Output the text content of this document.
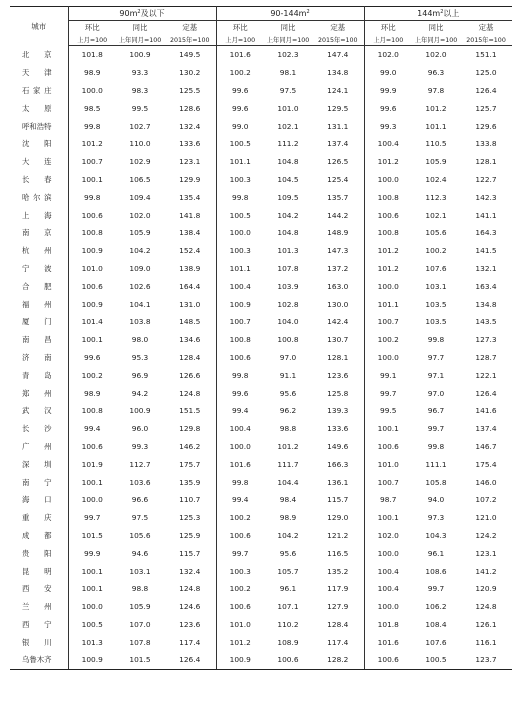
城市	$90m^2$及以下			$90-144m^2$			$144m^2$以上		
	环比	同比	定基	环比	同比	定基	环比	同比	定基
	上月=100	上年同月=100	2015年=100	上月=100	上年同月=100	2015年=100	上月=100	上年同月=100	2015年=100
北京	101.8	100.9	149.5	101.6	102.3	147.4	102.0	102.0	151.1
天津	98.9	93.3	130.2	100.2	98.1	134.8	99.0	96.3	125.0
石家庄	100.0	98.3	125.5	99.6	97.5	124.1	99.9	97.8	126.4
太原	98.5	99.5	128.6	99.6	101.0	129.5	99.6	101.2	125.7
呼和浩特	99.8	102.7	132.4	99.0	102.1	131.1	99.3	101.1	129.6
沈阳	101.2	110.0	133.6	100.5	111.2	137.4	100.4	110.5	133.8
大连	100.7	102.9	123.1	101.1	104.8	126.5	101.2	105.9	128.1
长春	100.1	106.5	129.9	100.3	104.5	125.4	100.0	102.4	122.7
哈尔滨	99.8	109.4	135.4	99.8	109.5	135.7	100.8	112.3	142.3
上海	100.6	102.0	141.8	100.5	104.2	144.2	100.6	102.1	141.1
南京	100.8	105.9	138.4	100.0	104.8	148.9	100.8	105.6	164.3
杭州	100.9	104.2	152.4	100.3	101.3	147.3	101.2	100.2	141.5
宁波	101.0	109.0	138.9	101.1	107.8	137.2	101.2	107.6	132.1
合肥	100.6	102.6	164.4	100.4	103.9	163.0	100.0	103.1	163.4
福州	100.9	104.1	131.0	100.9	102.8	130.0	101.1	103.5	134.8
厦门	101.4	103.8	148.5	100.7	104.0	142.4	100.7	103.5	143.5
南昌	100.1	98.0	134.6	100.8	100.8	130.7	100.2	99.8	127.3
济南	99.6	95.3	128.4	100.6	97.0	128.1	100.0	97.7	128.7
青岛	100.2	96.9	126.6	99.8	91.1	123.6	99.1	97.1	122.1
郑州	98.9	94.2	124.8	99.6	95.6	125.8	99.7	97.0	126.4
武汉	100.8	100.9	151.5	99.4	96.2	139.3	99.5	96.7	141.6
长沙	99.4	96.0	129.8	100.4	98.8	133.6	100.1	99.7	137.4
广州	100.6	99.3	146.2	100.0	101.2	149.6	100.6	99.8	146.7
深圳	101.9	112.7	175.7	101.6	111.7	166.3	101.0	111.1	175.4
南宁	100.1	103.6	135.9	99.8	104.4	136.1	100.7	105.8	146.0
海口	100.0	96.6	110.7	99.4	98.4	115.7	98.7	94.0	107.2
重庆	99.7	97.5	125.3	100.2	98.9	129.0	100.1	97.3	121.0
成都	101.5	105.6	125.9	100.6	104.2	121.2	102.0	104.3	124.2
贵阳	99.9	94.6	115.7	99.7	95.6	116.5	100.0	96.1	123.1
昆明	100.1	103.1	132.4	100.3	105.7	135.2	100.4	108.6	141.2
西安	100.1	98.8	124.8	100.2	96.1	117.9	100.4	99.7	120.9
兰州	100.0	105.9	124.6	100.6	107.1	127.9	100.0	106.2	124.8
西宁	100.5	107.0	123.6	101.0	110.2	128.4	101.8	108.4	126.1
银川	101.3	107.8	117.4	101.2	108.9	117.4	101.6	107.6	116.1
乌鲁木齐	100.9	101.5	126.4	100.9	100.6	128.2	100.6	100.5	123.7
